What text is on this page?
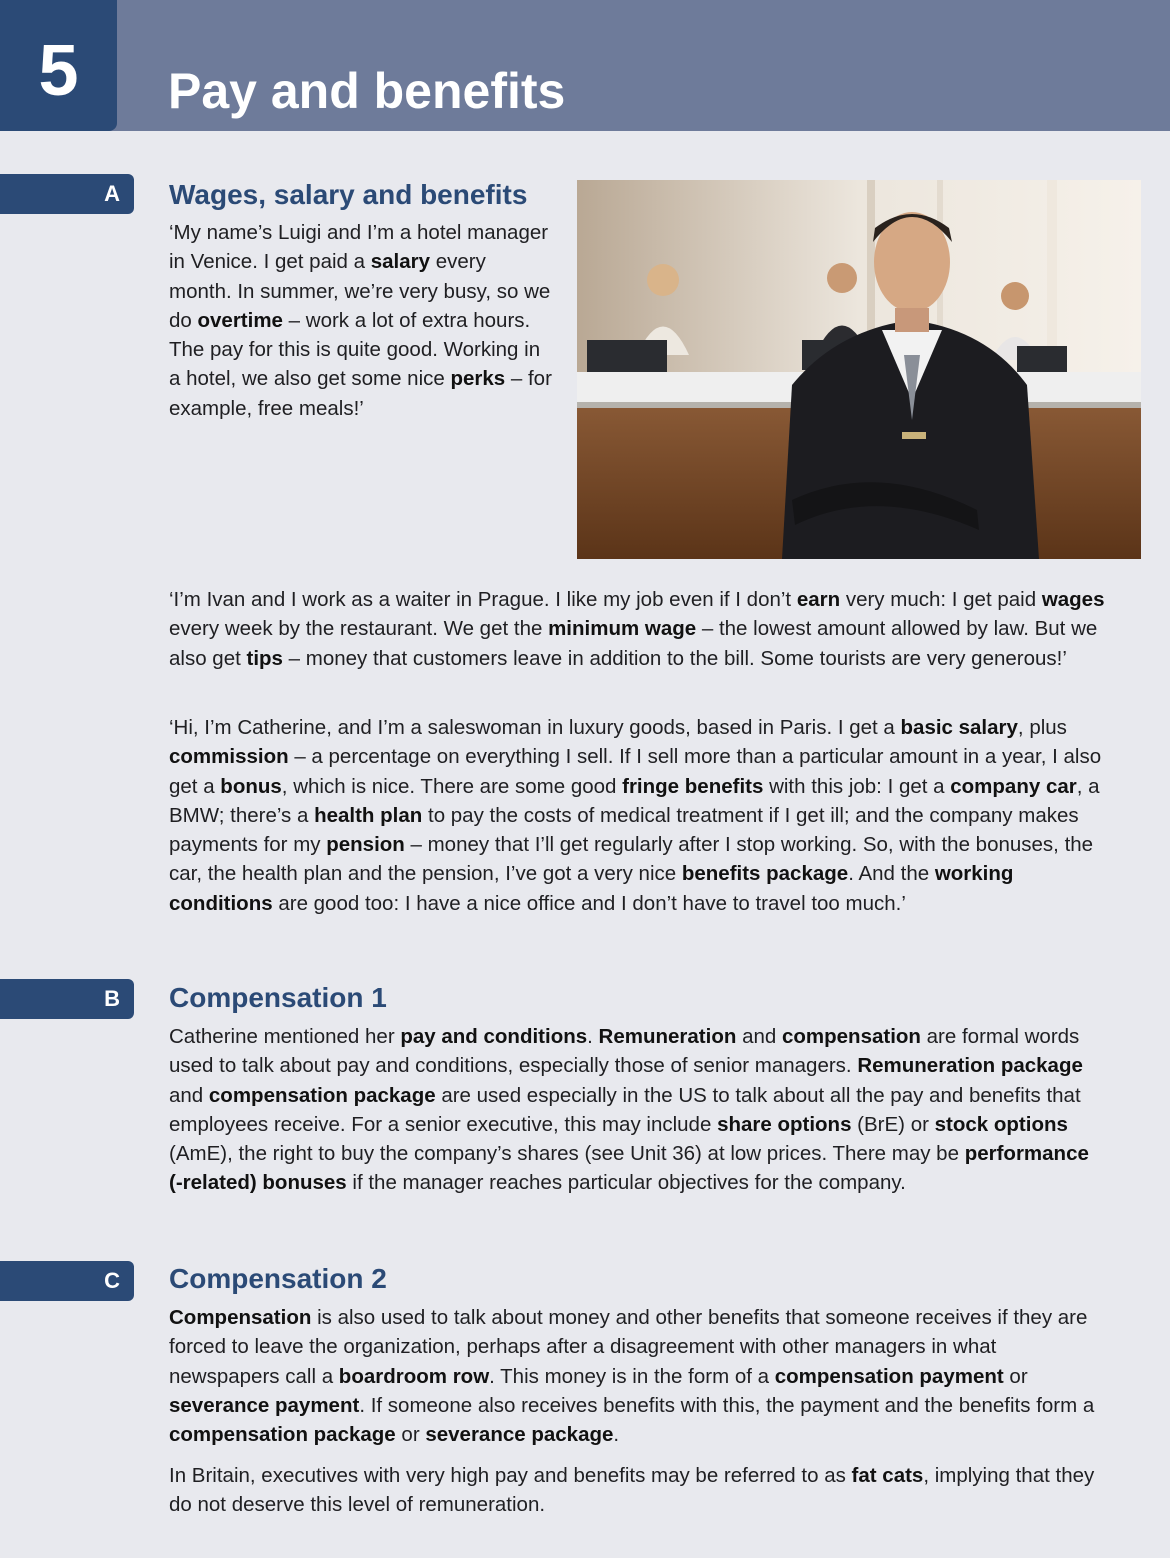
5 Pay and benefits
A Wages, salary and benefits

‘My name’s Luigi and I’m a hotel manager in Venice. I get paid a salary every month. In summer, we’re very busy, so we do overtime – work a lot of extra hours. The pay for this is quite good. Working in a hotel, we also get some nice perks – for example, free meals!’

‘I’m Ivan and I work as a waiter in Prague. I like my job even if I don’t earn very much: I get paid wages every week by the restaurant. We get the minimum wage – the lowest amount allowed by law. But we also get tips – money that customers leave in addition to the bill. Some tourists are very generous!’

‘Hi, I’m Catherine, and I’m a saleswoman in luxury goods, based in Paris. I get a basic salary, plus commission – a percentage on everything I sell. If I sell more than a particular amount in a year, I also get a bonus, which is nice. There are some good fringe benefits with this job: I get a company car, a BMW; there’s a health plan to pay the costs of medical treatment if I get ill; and the company makes payments for my pension – money that I’ll get regularly after I stop working. So, with the bonuses, the car, the health plan and the pension, I’ve got a very nice benefits package. And the working conditions are good too: I have a nice office and I don’t have to travel too much.’

B Compensation 1

Catherine mentioned her pay and conditions. Remuneration and compensation are formal words used to talk about pay and conditions, especially those of senior managers. Remuneration package and compensation package are used especially in the US to talk about all the pay and benefits that employees receive. For a senior executive, this may include share options (BrE) or stock options (AmE), the right to buy the company’s shares (see Unit 36) at low prices. There may be performance (-related) bonuses if the manager reaches particular objectives for the company.

C Compensation 2

Compensation is also used to talk about money and other benefits that someone receives if they are forced to leave the organization, perhaps after a disagreement with other managers in what newspapers call a boardroom row. This money is in the form of a compensation payment or severance payment. If someone also receives benefits with this, the payment and the benefits form a compensation package or severance package.

In Britain, executives with very high pay and benefits may be referred to as fat cats, implying that they do not deserve this level of remuneration.
